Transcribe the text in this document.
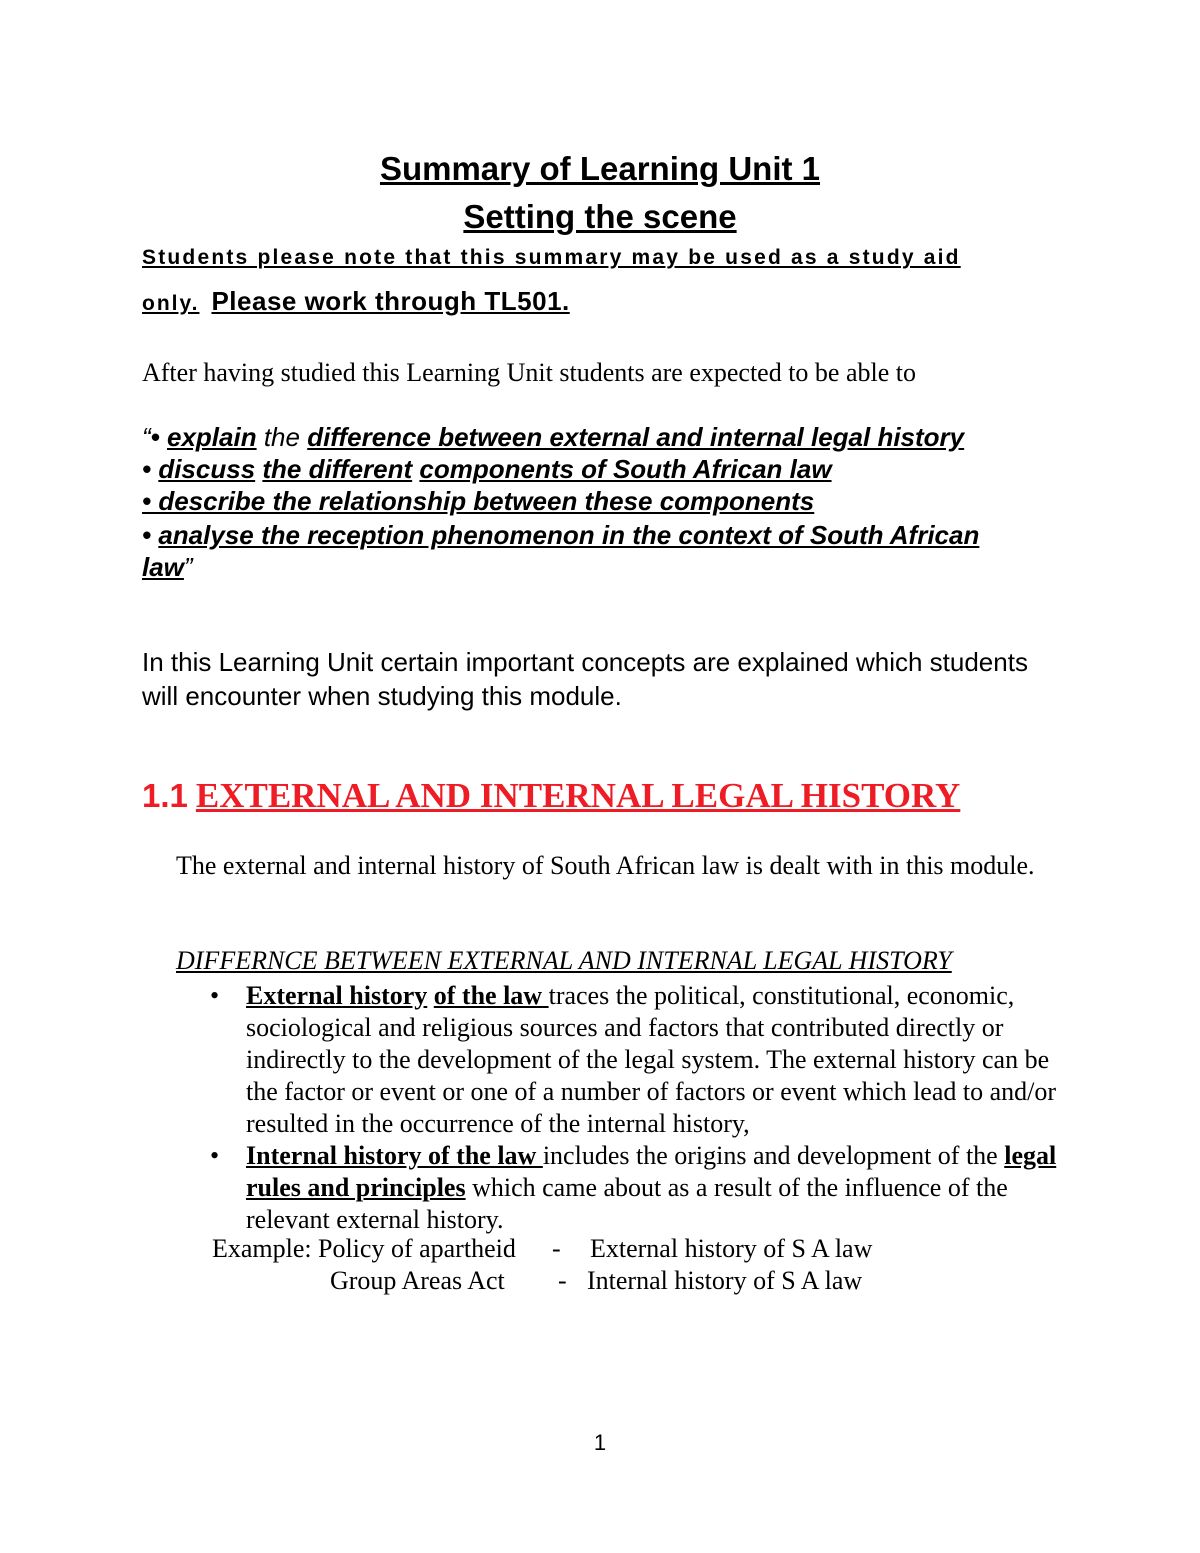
Summary of Learning Unit 1
Setting the scene
Students please note that this summary may be used as a study aid
only. Please work through TL501.
After having studied this Learning Unit students are expected to be able to
“• explain the difference between external and internal legal history
• discuss the different components of South African law
• describe the relationship between these components
• analyse the reception phenomenon in the context of South African
law”
In this Learning Unit certain important concepts are explained which students will encounter when studying this module.
1.1 EXTERNAL AND INTERNAL LEGAL HISTORY
The external and internal history of South African law is dealt with in this module.
DIFFERNCE BETWEEN EXTERNAL AND INTERNAL LEGAL HISTORY

• External history of the law traces the political, constitutional, economic, sociological and religious sources and factors that contributed directly or indirectly to the development of the legal system. The external history can be the factor or event or one of a number of factors or event which lead to and/or resulted in the occurrence of the internal history,

• Internal history of the law includes the origins and development of the legal rules and principles which came about as a result of the influence of the relevant external history.

Example: Policy of apartheid - External history of S A law
Group Areas Act - Internal history of S A law
1
